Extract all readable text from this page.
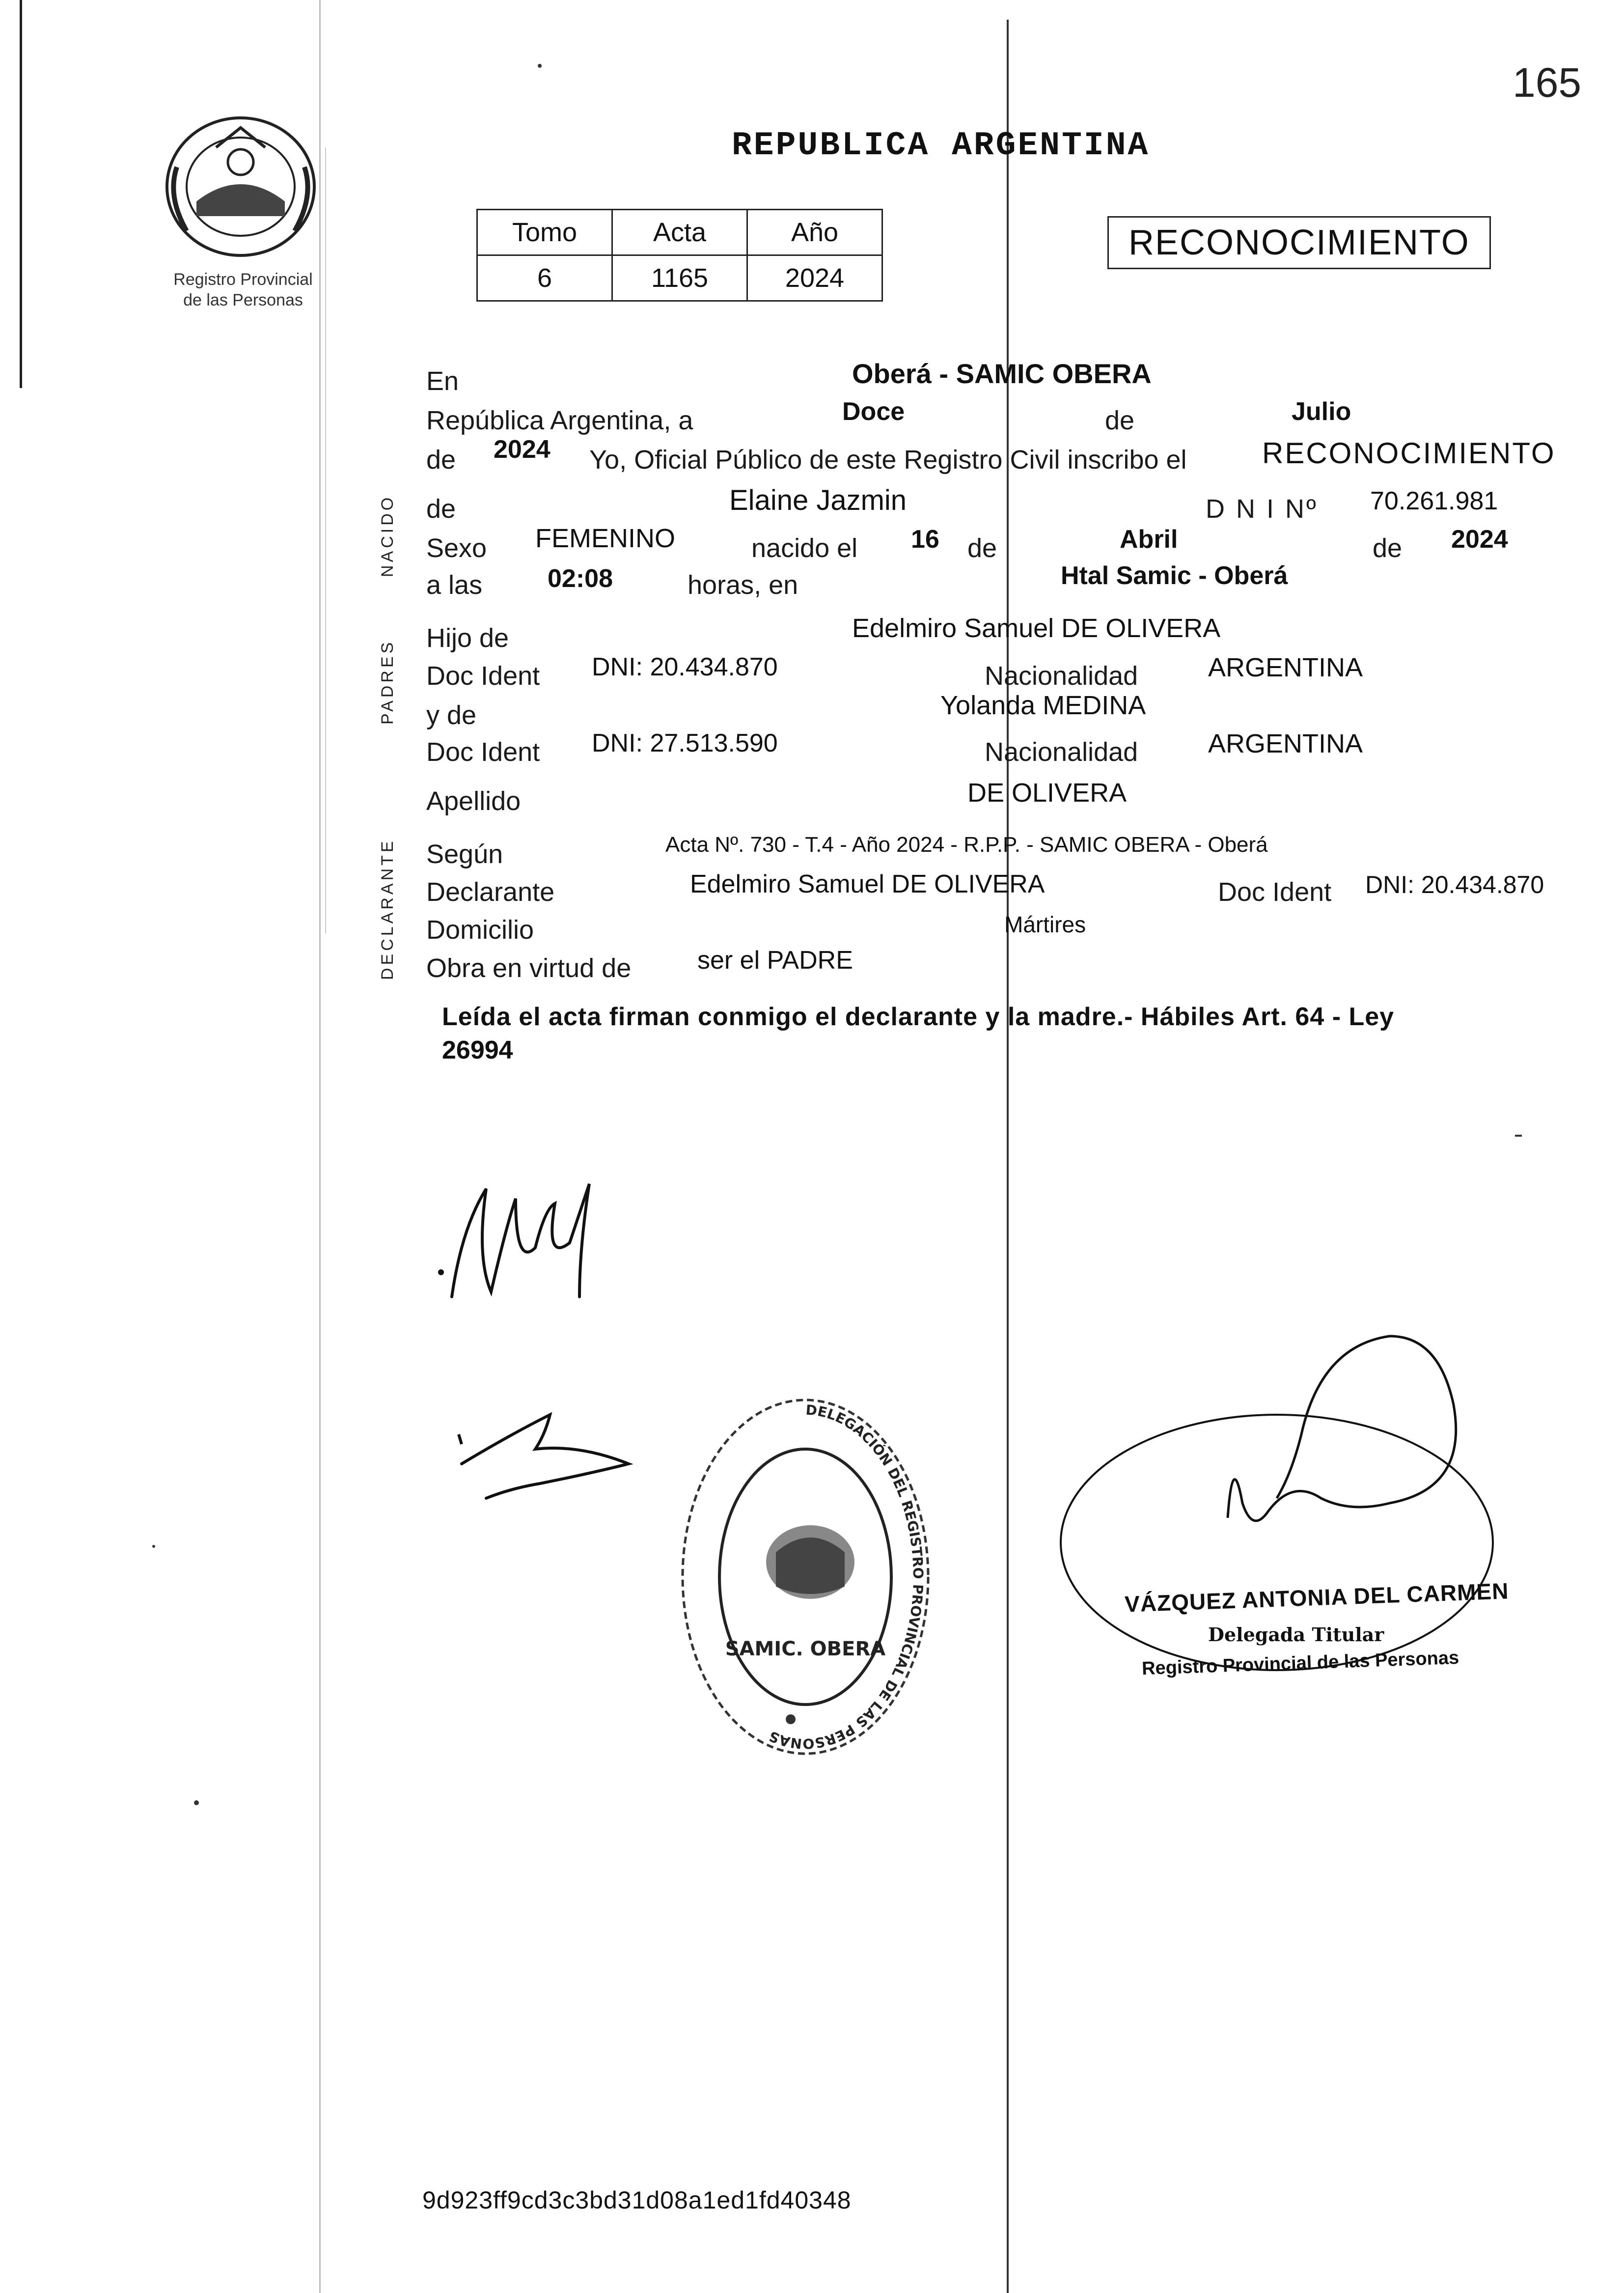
165
Registro Provincial
de las Personas
REPUBLICA ARGENTINA
Tomo	Acta	Año
6	1165	2024
RECONOCIMIENTO
NACIDO
PADRES
DECLARANTE
En	Oberá - SAMIC OBERA
República Argentina, a	Doce	de	Julio
de 2024 Yo, Oficial Público de este Registro Civil inscribo el	RECONOCIMIENTO
de	Elaine Jazmin	D N I Nº 70.261.981
Sexo FEMENINO	nacido el 16 de	Abril	de 2024
a las	02:08	horas, en	Htal Samic - Oberá
Hijo de	Edelmiro Samuel DE OLIVERA
Doc Ident DNI: 20.434.870	Nacionalidad	ARGENTINA
y de	Yolanda MEDINA
Doc Ident DNI: 27.513.590	Nacionalidad	ARGENTINA
Apellido	DE OLIVERA
Según	Acta Nº. 730 - T.4 - Año 2024 - R.P.P. - SAMIC OBERA - Oberá
Declarante	Edelmiro Samuel DE OLIVERA	Doc Ident DNI: 20.434.870
Domicilio	Mártires
Obra en virtud de	ser el PADRE
Leída el acta firman conmigo el declarante y la madre.- Hábiles Art. 64 - Ley
26994
DELEGACIÓN DEL REGISTRO PROVINCIAL DE LAS PERSONAS
SAMIC. OBERA
VÁZQUEZ ANTONIA DEL CARMEN
Delegada Titular
Registro Provincial de las Personas
9d923ff9cd3c3bd31d08a1ed1fd40348
